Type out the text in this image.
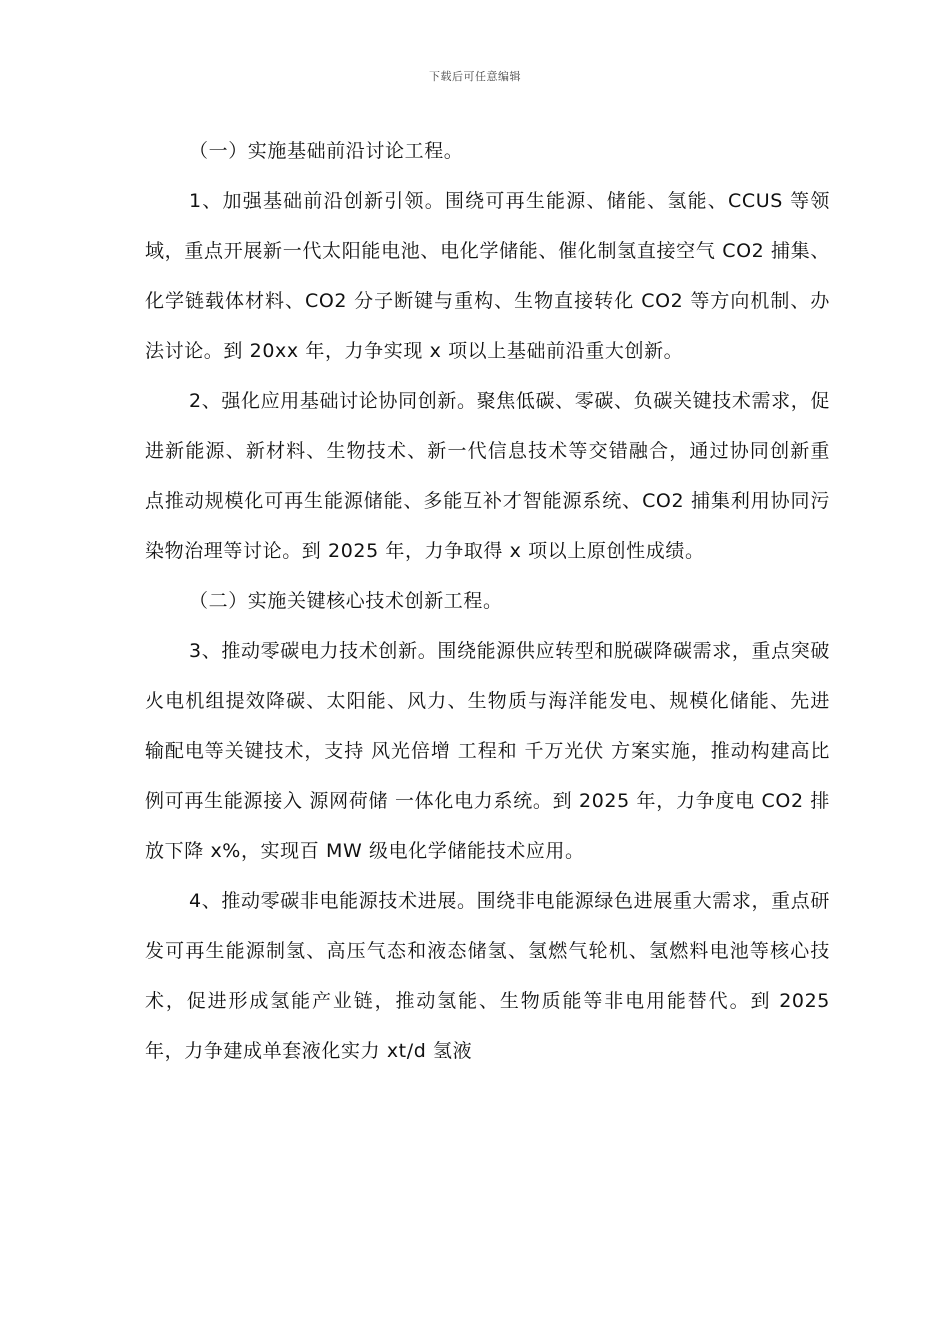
下载后可任意编辑

（一）实施基础前沿讨论工程。

1、加强基础前沿创新引领。围绕可再生能源、储能、氢能、CCUS 等领域，重点开展新一代太阳能电池、电化学储能、催化制氢直接空气 CO2 捕集、化学链载体材料、CO2 分子断键与重构、生物直接转化 CO2 等方向机制、办法讨论。到 20xx 年，力争实现 x 项以上基础前沿重大创新。

2、强化应用基础讨论协同创新。聚焦低碳、零碳、负碳关键技术需求，促进新能源、新材料、生物技术、新一代信息技术等交错融合，通过协同创新重点推动规模化可再生能源储能、多能互补才智能源系统、CO2 捕集利用协同污染物治理等讨论。到 2025 年，力争取得 x 项以上原创性成绩。

（二）实施关键核心技术创新工程。

3、推动零碳电力技术创新。围绕能源供应转型和脱碳降碳需求，重点突破火电机组提效降碳、太阳能、风力、生物质与海洋能发电、规模化储能、先进输配电等关键技术，支持 风光倍增 工程和 千万光伏 方案实施，推动构建高比例可再生能源接入 源网荷储 一体化电力系统。到 2025 年，力争度电 CO2 排放下降 x%，实现百 MW 级电化学储能技术应用。

4、推动零碳非电能源技术进展。围绕非电能源绿色进展重大需求，重点研发可再生能源制氢、高压气态和液态储氢、氢燃气轮机、氢燃料电池等核心技术，促进形成氢能产业链，推动氢能、生物质能等非电用能替代。到 2025 年，力争建成单套液化实力 xt/d 氢液
